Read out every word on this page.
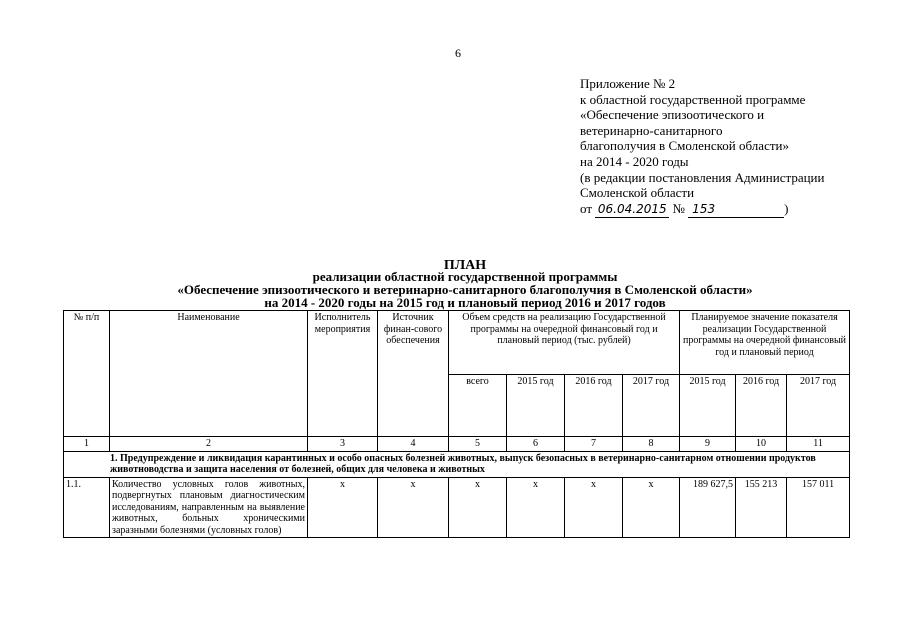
6
Приложение № 2
к областной государственной программе
«Обеспечение эпизоотического и
ветеринарно-санитарного
благополучия в Смоленской области»
на 2014 - 2020 годы
(в редакции постановления Администрации
Смоленской области
от 06.04.2015 № 153	)
ПЛАН
реализации областной государственной программы
«Обеспечение эпизоотического и ветеринарно-санитарного благополучия в Смоленской области»
на 2014 - 2020 годы на 2015 год и плановый период 2016 и 2017 годов
№ п/п	Наименование	Исполнитель мероприятия	Источник финан-сового обеспечения	Объем средств на реализацию Государственной программы на очередной финансовый год и плановый период (тыс. рублей)				Планируемое значение показателя реализации Государственной программы на очередной финансовый год и плановый период		
				всего	2015 год	2016 год	2017 год	2015 год	2016 год	2017 год
1	2	3	4	5	6	7	8	9	10	11
1. Предупреждение и ликвидация карантинных и особо опасных болезней животных, выпуск безопасных в ветеринарно-санитарном отношении продуктов животноводства и защита населения от болезней, общих для человека и животных										
1.1.	Количество условных голов животных, подвергнутых плановым диагностическим исследованиям, направленным на выявление животных, больных хроническими заразными болезнями (условных голов)	х	х	х	х	х	х	189 627,5	155 213	157 011
